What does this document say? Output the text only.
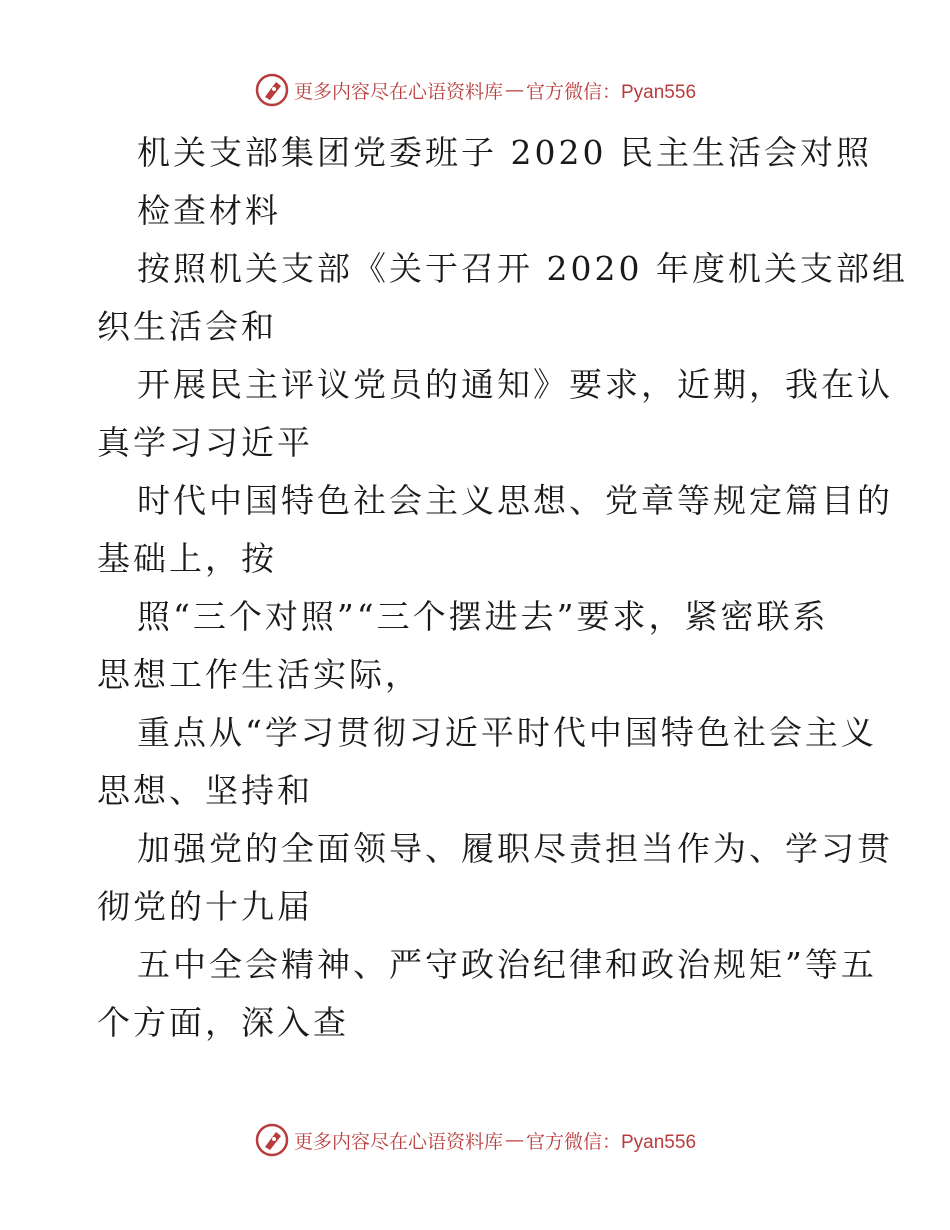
更多内容尽在心语资料库 — 官方微信：Pyan556
机关支部集团党委班子 2020 民主生活会对照
检查材料
按照机关支部《关于召开 2020 年度机关支部组
织生活会和
开展民主评议党员的通知》要求，近期，我在认
真学习习近平
时代中国特色社会主义思想、党章等规定篇目的
基础上，按
照“三个对照”“三个摆进去”要求，紧密联系
思想工作生活实际，
重点从“学习贯彻习近平时代中国特色社会主义
思想、坚持和
加强党的全面领导、履职尽责担当作为、学习贯
彻党的十九届
五中全会精神、严守政治纪律和政治规矩”等五
个方面，深入查
更多内容尽在心语资料库 — 官方微信：Pyan556
